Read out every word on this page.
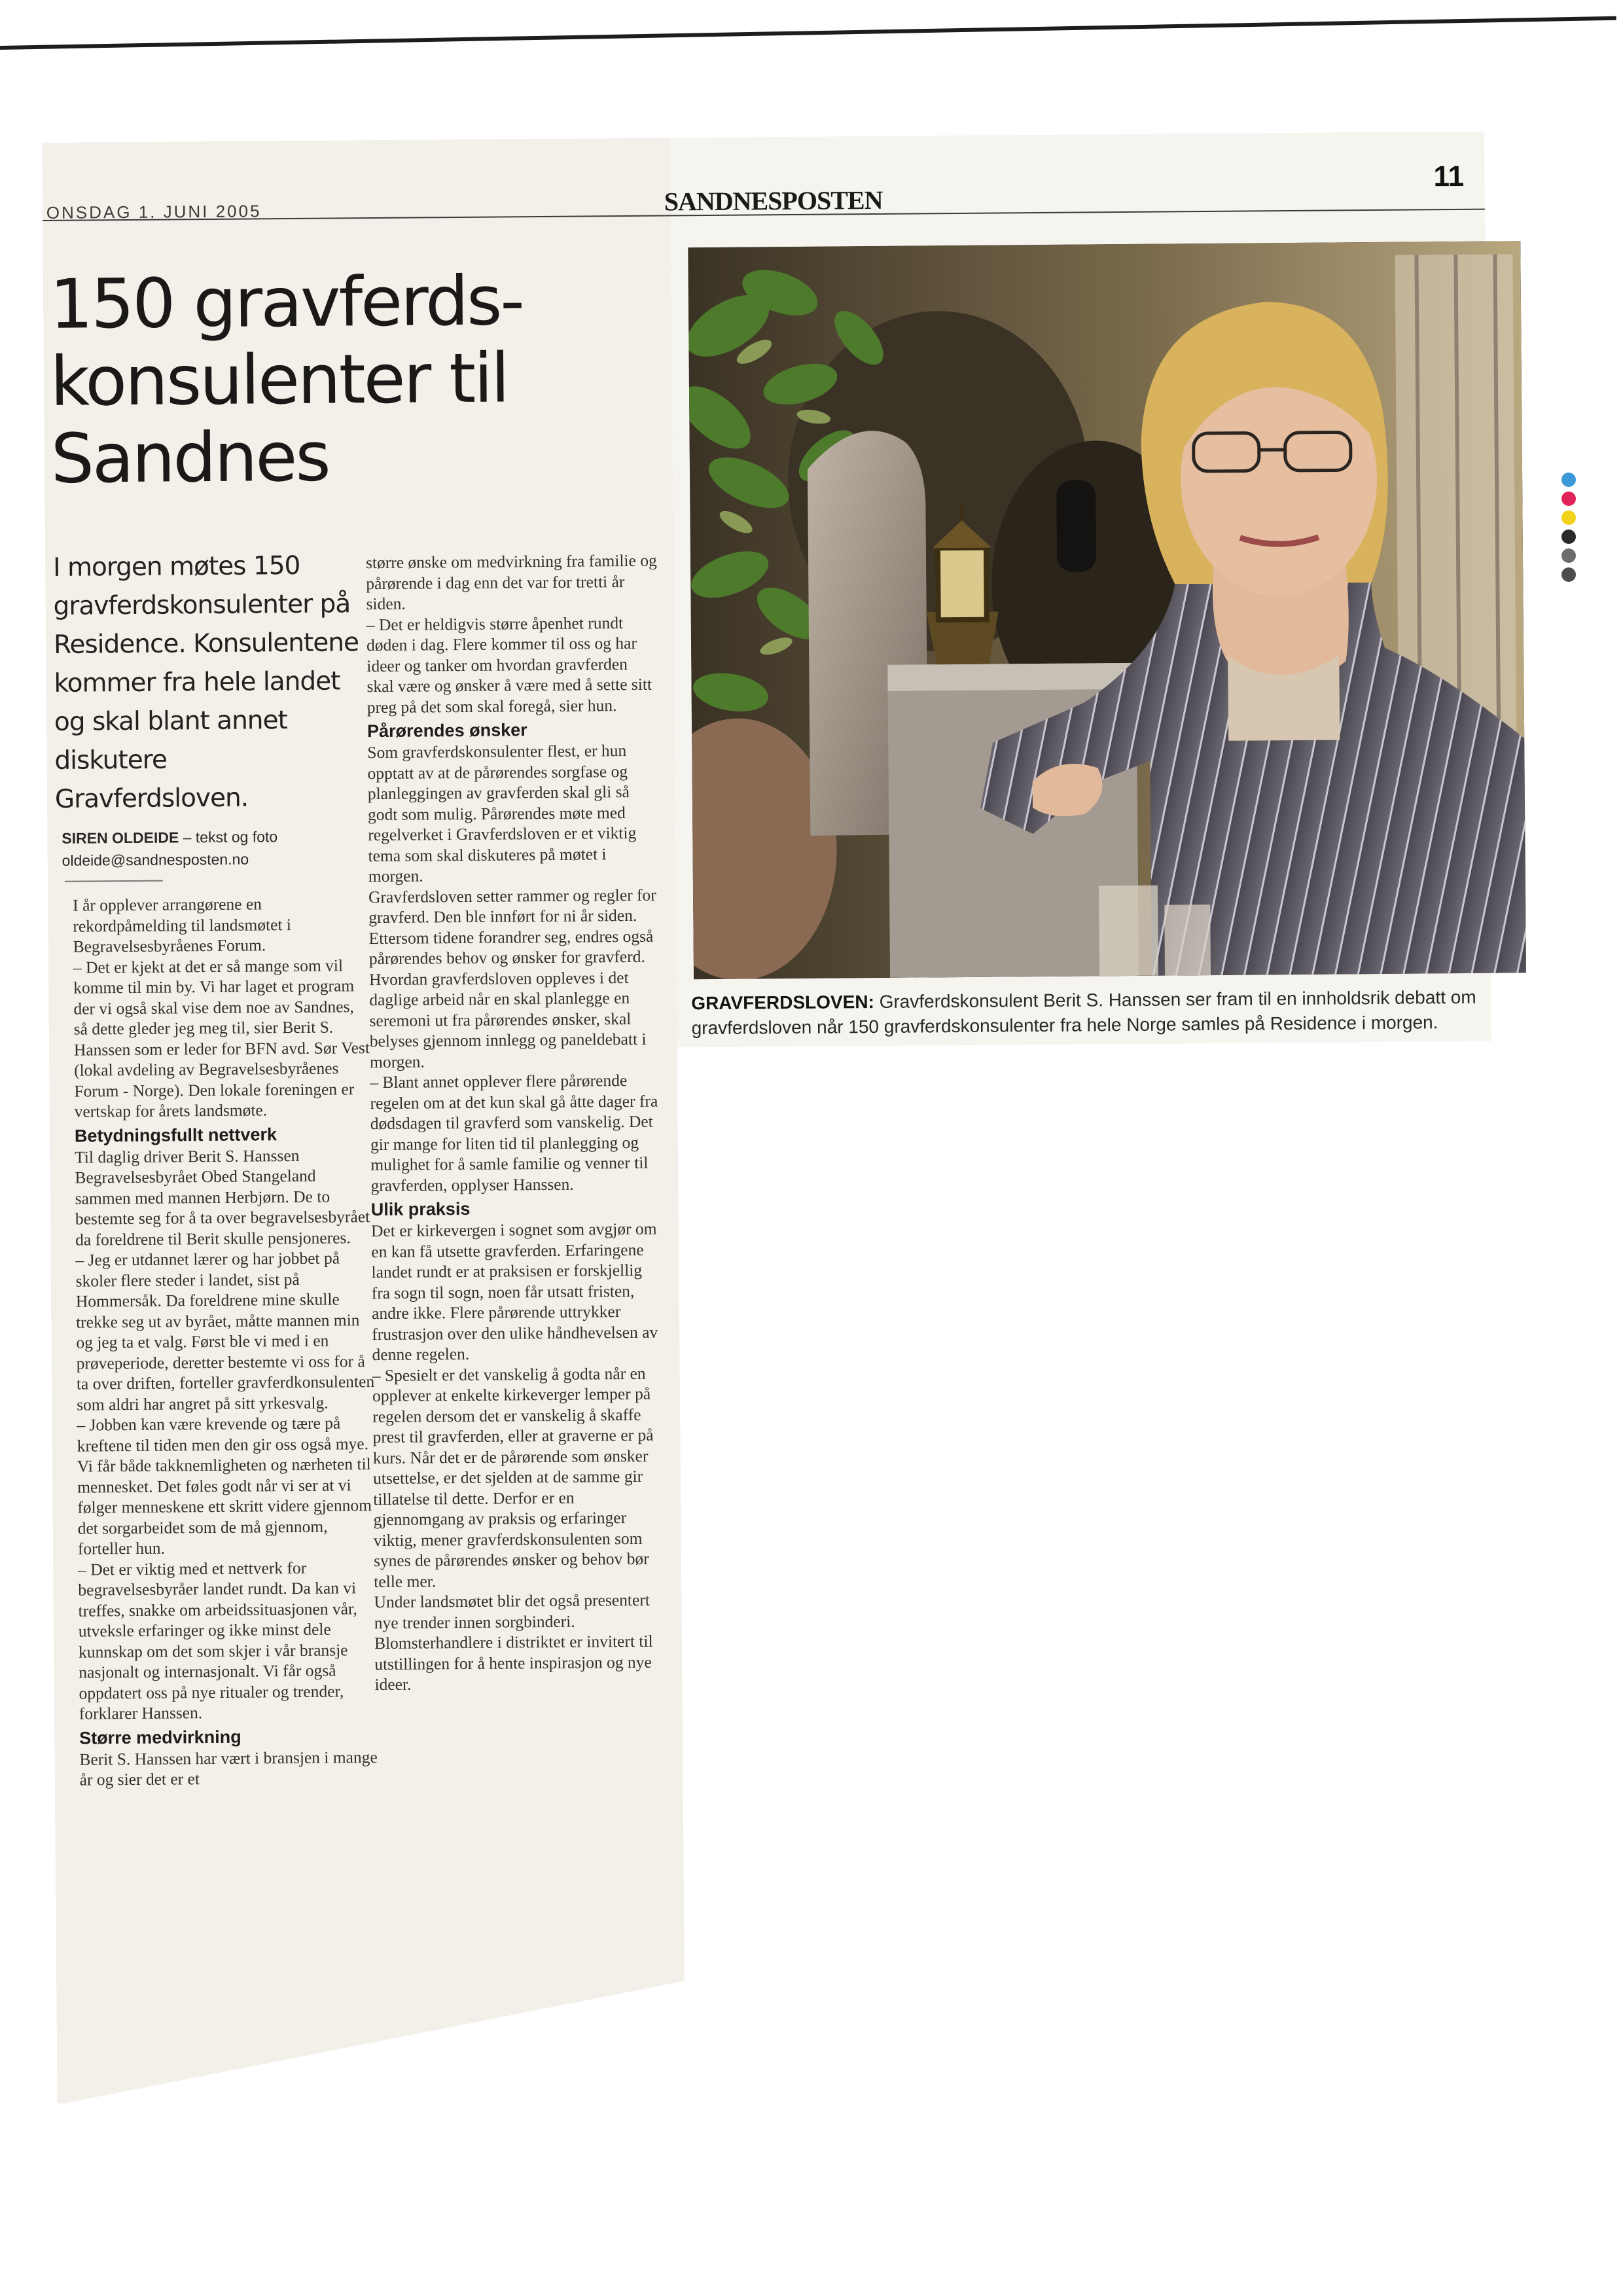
ONSDAG 1. JUNI 2005	SANDNESPOSTEN
11
150 gravferds-
konsulenter til
Sandnes

I morgen møtes 150 gravferdskonsulenter på Residence. Konsulentene kommer fra hele landet og skal blant annet diskutere Gravferdsloven.

SIREN OLDEIDE – tekst og foto
oldeide@sandnesposten.no

I år opplever arrangørene en rekordpåmelding til landsmøtet i Begravelsesbyråenes Forum.

– Det er kjekt at det er så mange som vil komme til min by. Vi har laget et program der vi også skal vise dem noe av Sandnes, så dette gleder jeg meg til, sier Berit S. Hanssen som er leder for BFN avd. Sør Vest (lokal avdeling av Begravelsesbyråenes Forum - Norge). Den lokale foreningen er vertskap for årets landsmøte.

Betydningsfullt nettverk

Til daglig driver Berit S. Hanssen Begravelsesbyrået Obed Stangeland sammen med mannen Herbjørn. De to bestemte seg for å ta over begravelsesbyrået da foreldrene til Berit skulle pensjoneres.

– Jeg er utdannet lærer og har jobbet på skoler flere steder i landet, sist på Hommersåk. Da foreldrene mine skulle trekke seg ut av byrået, måtte mannen min og jeg ta et valg. Først ble vi med i en prøveperiode, deretter bestemte vi oss for å ta over driften, forteller gravferdkonsulenten som aldri har angret på sitt yrkesvalg.

– Jobben kan være krevende og tære på kreftene til tiden men den gir oss også mye. Vi får både takknemligheten og nærheten til mennesket. Det føles godt når vi ser at vi følger menneskene ett skritt videre gjennom det sorgarbeidet som de må gjennom, forteller hun.

– Det er viktig med et nettverk for begravelsesbyråer landet rundt. Da kan vi treffes, snakke om arbeidssituasjonen vår, utveksle erfaringer og ikke minst dele kunnskap om det som skjer i vår bransje nasjonalt og internasjonalt. Vi får også oppdatert oss på nye ritualer og trender, forklarer Hanssen.

Større medvirkning

Berit S. Hanssen har vært i bransjen i mange år og sier det er et

større ønske om medvirkning fra familie og pårørende i dag enn det var for tretti år siden.

– Det er heldigvis større åpenhet rundt døden i dag. Flere kommer til oss og har ideer og tanker om hvordan gravferden skal være og ønsker å være med å sette sitt preg på det som skal foregå, sier hun.

Pårørendes ønsker

Som gravferdskonsulenter flest, er hun opptatt av at de pårørendes sorgfase og planleggingen av gravferden skal gli så godt som mulig. Pårørendes møte med regelverket i Gravferdsloven er et viktig tema som skal diskuteres på møtet i morgen.

Gravferdsloven setter rammer og regler for gravferd. Den ble innført for ni år siden. Ettersom tidene forandrer seg, endres også pårørendes behov og ønsker for gravferd. Hvordan gravferdsloven oppleves i det daglige arbeid når en skal planlegge en seremoni ut fra pårørendes ønsker, skal belyses gjennom innlegg og paneldebatt i morgen.

– Blant annet opplever flere pårørende regelen om at det kun skal gå åtte dager fra dødsdagen til gravferd som vanskelig. Det gir mange for liten tid til planlegging og mulighet for å samle familie og venner til gravferden, opplyser Hanssen.

Ulik praksis

Det er kirkevergen i sognet som avgjør om en kan få utsette gravferden. Erfaringene landet rundt er at praksisen er forskjellig fra sogn til sogn, noen får utsatt fristen, andre ikke. Flere pårørende uttrykker frustrasjon over den ulike håndhevelsen av denne regelen.

– Spesielt er det vanskelig å godta når en opplever at enkelte kirkeverger lemper på regelen dersom det er vanskelig å skaffe prest til gravferden, eller at graverne er på kurs. Når det er de pårørende som ønsker utsettelse, er det sjelden at de samme gir tillatelse til dette. Derfor er en gjennomgang av praksis og erfaringer viktig, mener gravferdskonsulenten som synes de pårørendes ønsker og behov bør telle mer.

Under landsmøtet blir det også presentert nye trender innen sorgbinderi. Blomsterhandlere i distriktet er invitert til utstillingen for å hente inspirasjon og nye ideer.

GRAVFERDSLOVEN: Gravferdskonsulent Berit S. Hanssen ser fram til en innholdsrik debatt om gravferdsloven når 150 gravferdskonsulenter fra hele Norge samles på Residence i morgen.
